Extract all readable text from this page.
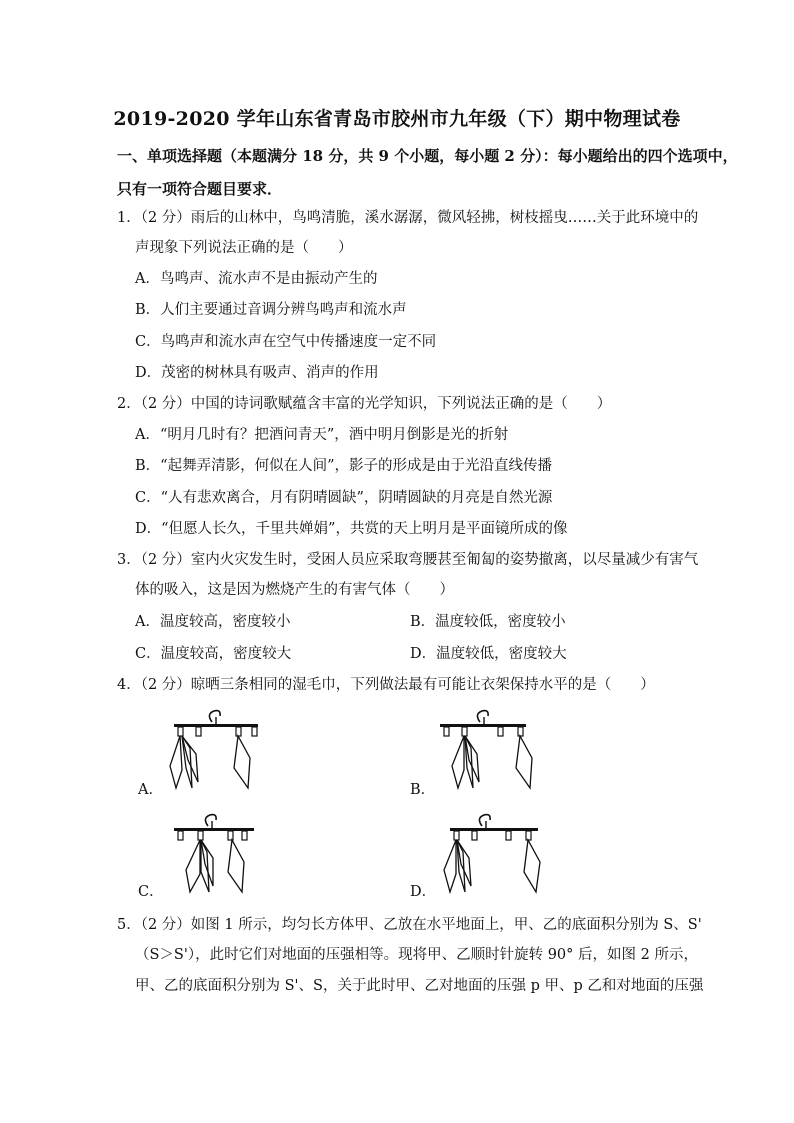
2019-2020 学年山东省青岛市胶州市九年级（下）期中物理试卷
一、单项选择题（本题满分 18 分，共 9 个小题，每小题 2 分）：每小题给出的四个选项中，
只有一项符合题目要求．
1．（2 分）雨后的山林中，鸟鸣清脆，溪水潺潺，微风轻拂，树枝摇曳……关于此环境中的
声现象下列说法正确的是（　　）
A．鸟鸣声、流水声不是由振动产生的
B．人们主要通过音调分辨鸟鸣声和流水声
C．鸟鸣声和流水声在空气中传播速度一定不同
D．茂密的树林具有吸声、消声的作用
2．（2 分）中国的诗词歌赋蕴含丰富的光学知识，下列说法正确的是（　　）
A．“明月几时有？把酒问青天”，酒中明月倒影是光的折射
B．“起舞弄清影，何似在人间”，影子的形成是由于光沿直线传播
C．“人有悲欢离合，月有阴晴圆缺”，阴晴圆缺的月亮是自然光源
D．“但愿人长久，千里共婵娟”，共赏的天上明月是平面镜所成的像
3．（2 分）室内火灾发生时，受困人员应采取弯腰甚至匍匐的姿势撤离，以尽量减少有害气
体的吸入，这是因为燃烧产生的有害气体（　　）
A．温度较高，密度较小	B．温度较低，密度较小
C．温度较高，密度较大	D．温度较低，密度较大
4．（2 分）晾晒三条相同的湿毛巾，下列做法最有可能让衣架保持水平的是（　　）
A．	B．
C．	D．
5．（2 分）如图 1 所示，均匀长方体甲、乙放在水平地面上，甲、乙的底面积分别为 S、S'
（S＞S'），此时它们对地面的压强相等。现将甲、乙顺时针旋转 90° 后，如图 2 所示，
甲、乙的底面积分别为 S'、S，关于此时甲、乙对地面的压强 p 甲、p 乙和对地面的压强
